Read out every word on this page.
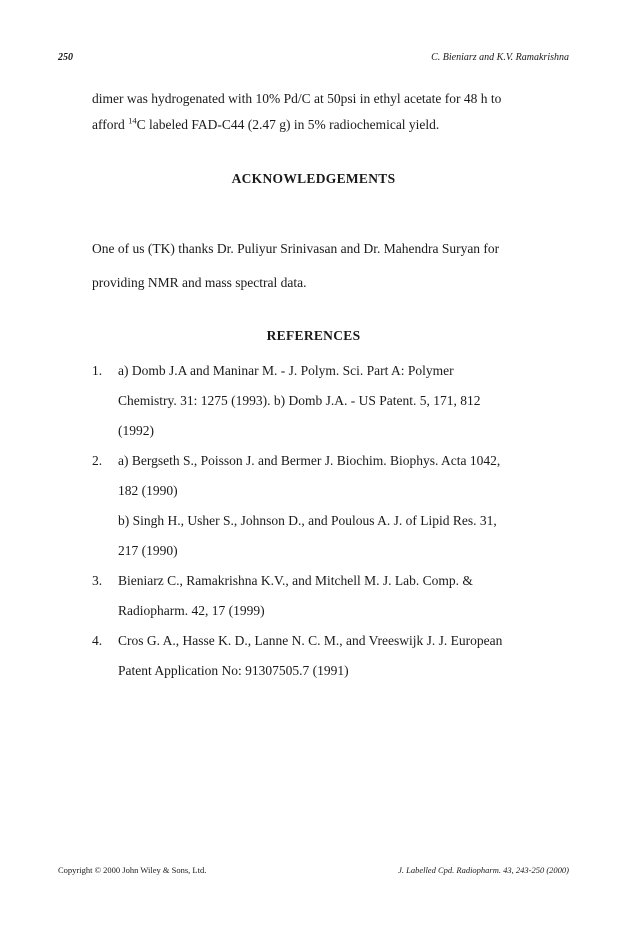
250	C. Bieniarz and K.V. Ramakrishna

dimer was hydrogenated with 10% Pd/C at 50psi in ethyl acetate for 48 h to

afford $^{14}$C labeled FAD-C44 (2.47 g) in 5% radiochemical yield.

ACKNOWLEDGEMENTS

One of us (TK) thanks Dr. Puliyur Srinivasan and Dr. Mahendra Suryan for

providing NMR and mass spectral data.

REFERENCES
1. a) Domb J.A and Maninar M. - J. Polym. Sci. Part A: Polymer
Chemistry. 31: 1275 (1993). b) Domb J.A. - US Patent. 5, 171, 812
(1992)
2. a) Bergseth S., Poisson J. and Bermer J. Biochim. Biophys. Acta 1042,
182 (1990)
b) Singh H., Usher S., Johnson D., and Poulous A. J. of Lipid Res. 31,
217 (1990)
3. Bieniarz C., Ramakrishna K.V., and Mitchell M. J. Lab. Comp. &
Radiopharm. 42, 17 (1999)
4. Cros G. A., Hasse K. D., Lanne N. C. M., and Vreeswijk J. J. European
Patent Application No: 91307505.7 (1991)
Copyright © 2000 John Wiley & Sons, Ltd.	J. Labelled Cpd. Radiopharm. 43, 243-250 (2000)
